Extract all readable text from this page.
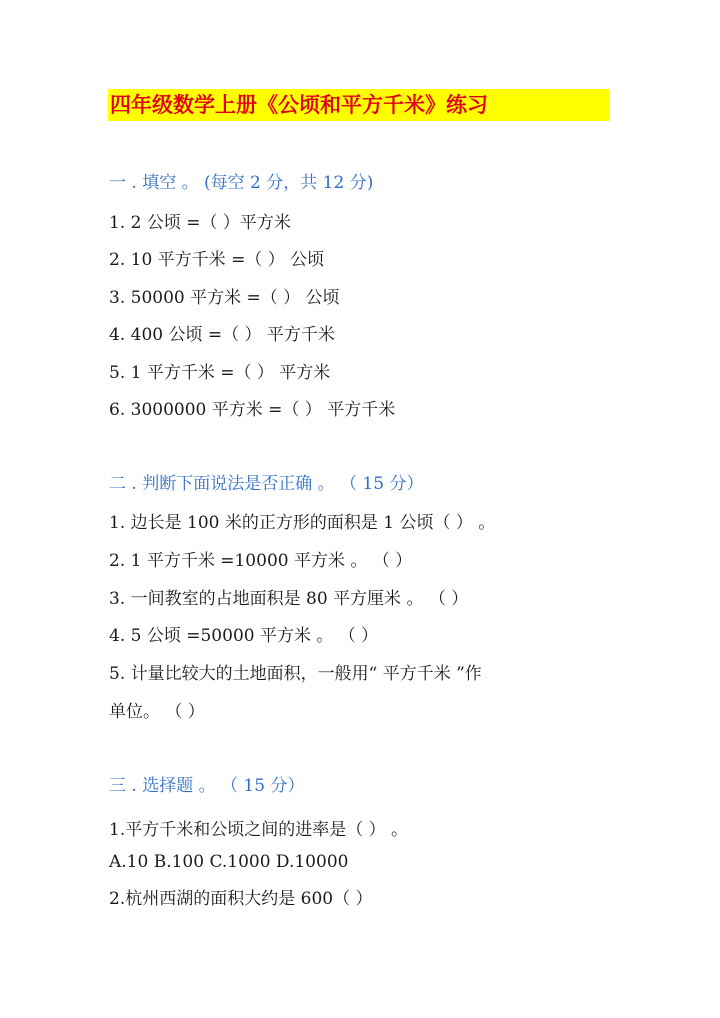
四年级数学上册《公顷和平方千米》练习
一 . 填空 。 (每空 2 分，共 12 分)
1. 2 公顷 =（ ）平方米
2. 10 平方千米 =（ ） 公顷
3. 50000 平方米 =（ ） 公顷
4. 400 公顷 =（ ） 平方千米
5. 1 平方千米 =（ ） 平方米
6. 3000000 平方米 =（ ） 平方千米
二 . 判断下面说法是否正确 。 （ 15 分）
1. 边长是 100 米的正方形的面积是 1 公顷（ ） 。
2. 1 平方千米 =10000 平方米 。 （ ）
3. 一间教室的占地面积是 80 平方厘米 。 （ ）
4. 5 公顷 =50000 平方米 。 （ ）
5. 计量比较大的土地面积，一般用“ 平方千米 ”作
单位。 （ ）
三 . 选择题 。 （ 15 分）
1.平方千米和公顷之间的进率是（ ） 。
A.10 B.100 C.1000 D.10000
2.杭州西湖的面积大约是 600（ ）
